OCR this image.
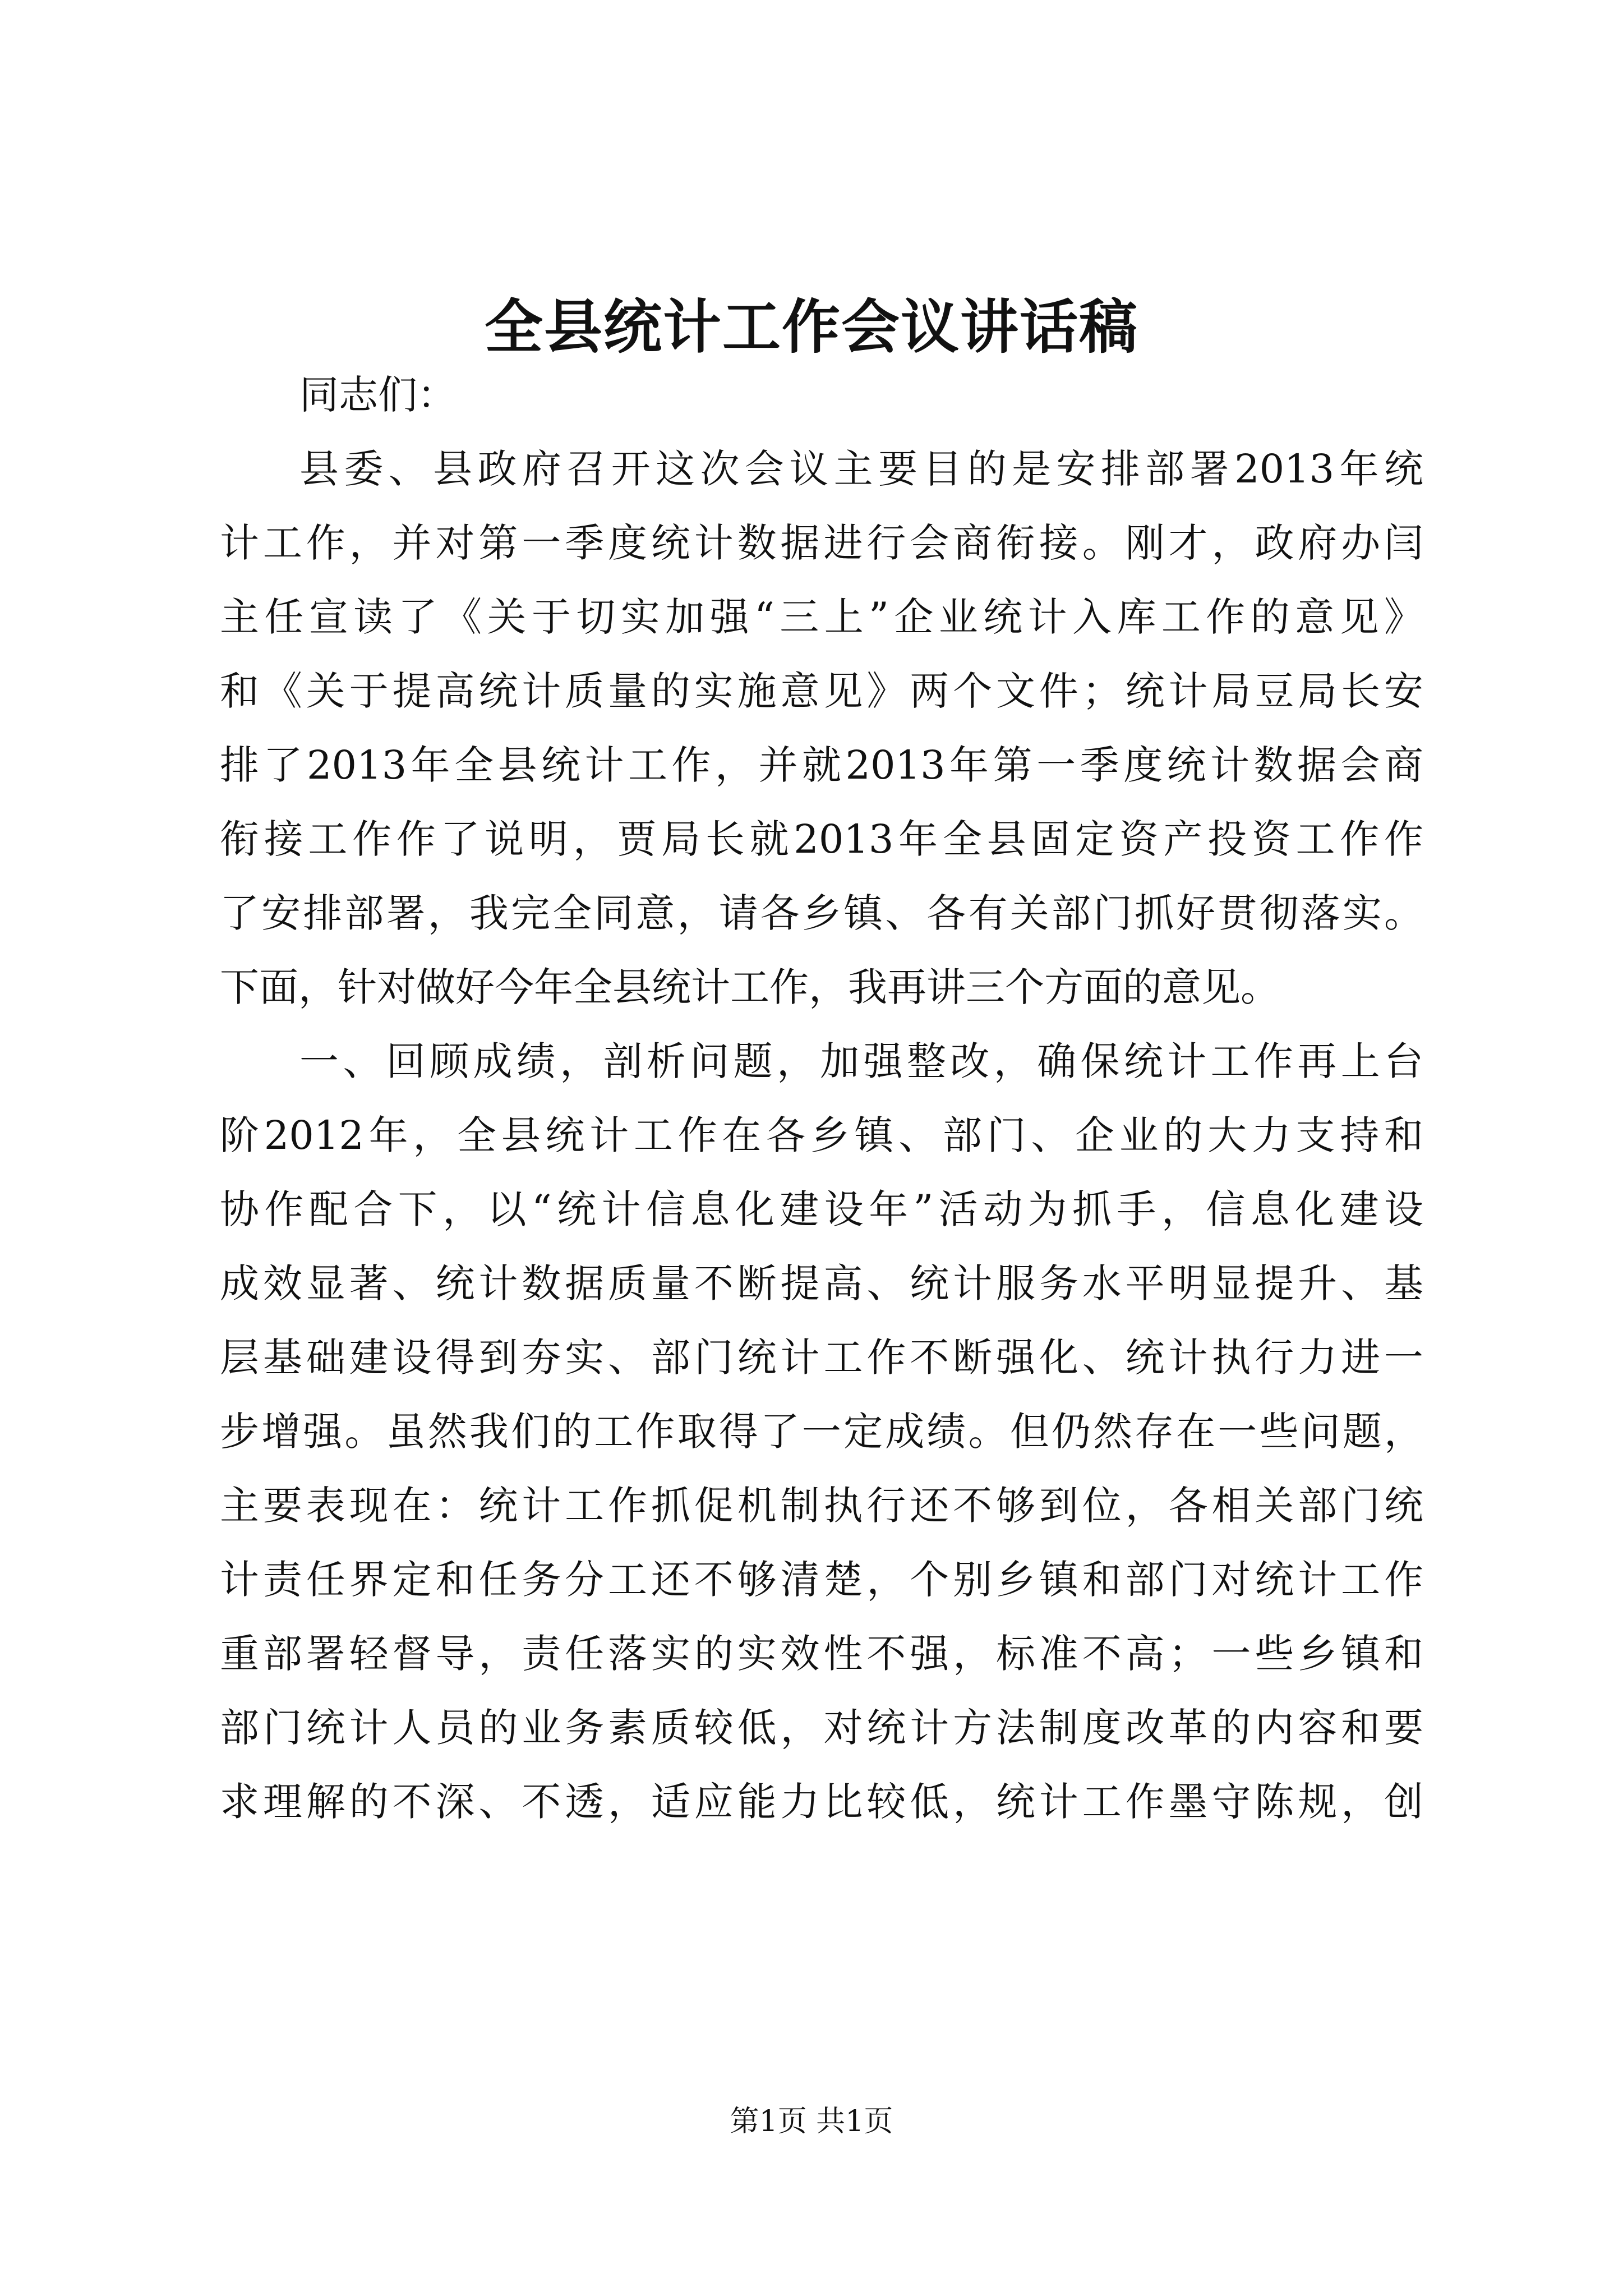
全县统计工作会议讲话稿
同志们：
县委、县政府召开这次会议主要目的是安排部署2013年统
计工作，并对第一季度统计数据进行会商衔接。刚才，政府办闫
主任宣读了《关于切实加强“三上”企业统计入库工作的意见》
和《关于提高统计质量的实施意见》两个文件；统计局豆局长安
排了2013年全县统计工作，并就2013年第一季度统计数据会商
衔接工作作了说明，贾局长就2013年全县固定资产投资工作作
了安排部署，我完全同意，请各乡镇、各有关部门抓好贯彻落实。
下面，针对做好今年全县统计工作，我再讲三个方面的意见。
一、回顾成绩，剖析问题，加强整改，确保统计工作再上台
阶2012年，全县统计工作在各乡镇、部门、企业的大力支持和
协作配合下，以“统计信息化建设年”活动为抓手，信息化建设
成效显著、统计数据质量不断提高、统计服务水平明显提升、基
层基础建设得到夯实、部门统计工作不断强化、统计执行力进一
步增强。虽然我们的工作取得了一定成绩。但仍然存在一些问题，
主要表现在：统计工作抓促机制执行还不够到位，各相关部门统
计责任界定和任务分工还不够清楚，个别乡镇和部门对统计工作
重部署轻督导，责任落实的实效性不强，标准不高；一些乡镇和
部门统计人员的业务素质较低，对统计方法制度改革的内容和要
求理解的不深、不透，适应能力比较低，统计工作墨守陈规，创
第1页 共1页
